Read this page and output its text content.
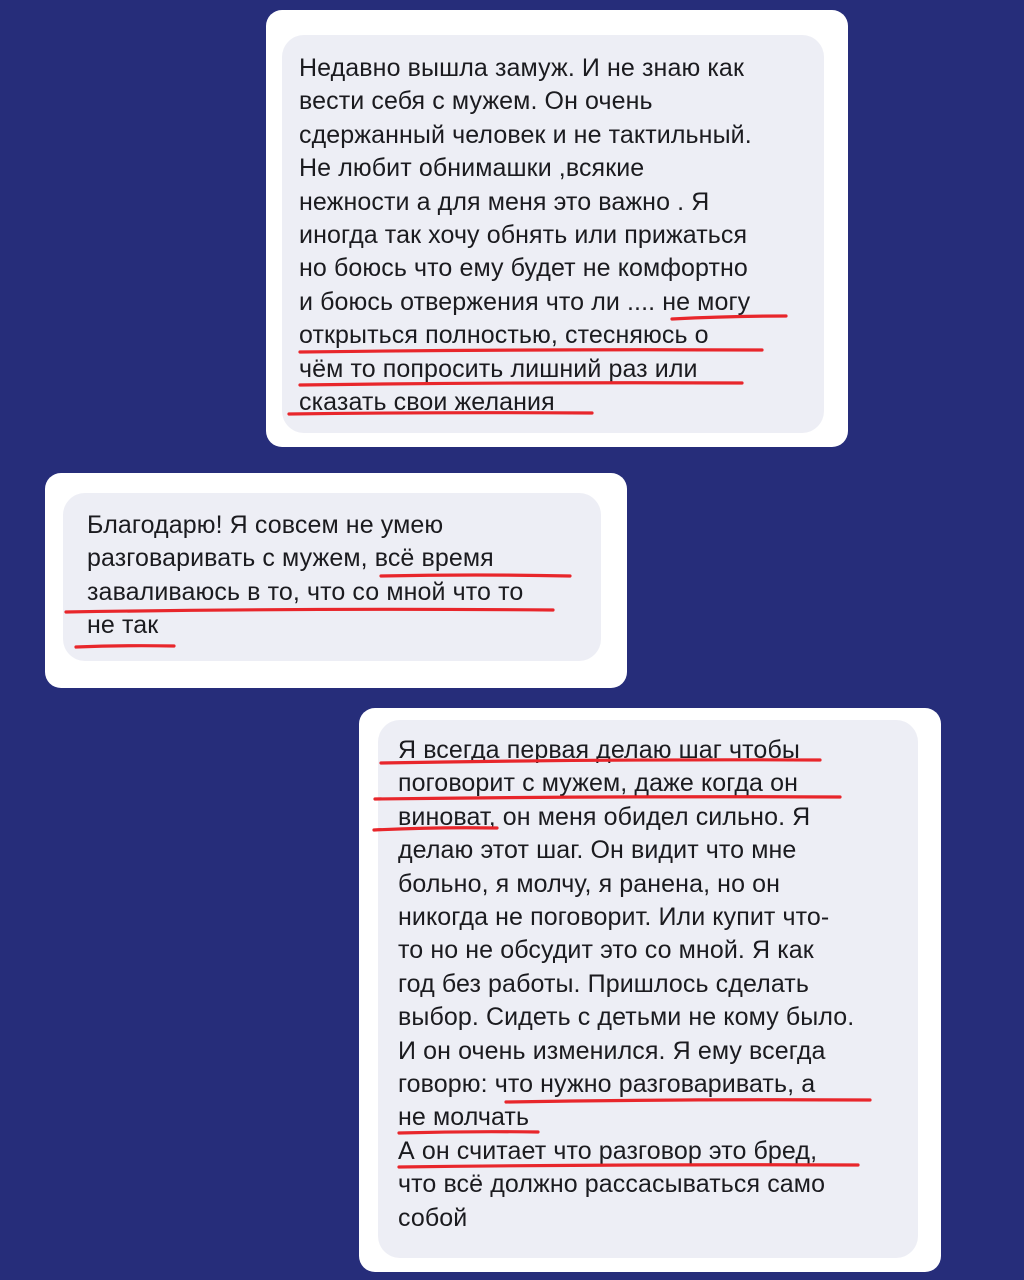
Недавно вышла замуж. И не знаю как
вести себя с мужем. Он очень
сдержанный человек и не тактильный.
Не любит обнимашки ,всякие
нежности а для меня это важно . Я
иногда так хочу обнять или прижаться
но боюсь что ему будет не комфортно
и боюсь отвержения что ли .... не могу
открыться полностью, стесняюсь о
чём то попросить лишний раз или
сказать свои желания

Благодарю! Я совсем не умею
разговаривать с мужем, всё время
заваливаюсь в то, что со мной что то
не так

Я всегда первая делаю шаг чтобы
поговорит с мужем, даже когда он
виноват, он меня обидел сильно. Я
делаю этот шаг. Он видит что мне
больно, я молчу, я ранена, но он
никогда не поговорит. Или купит что-
то но не обсудит это со мной. Я как
год без работы. Пришлось сделать
выбор. Сидеть с детьми не кому было.
И он очень изменился. Я ему всегда
говорю: что нужно разговаривать, а
не молчать
А он считает что разговор это бред,
что всё должно рассасываться само
собой
